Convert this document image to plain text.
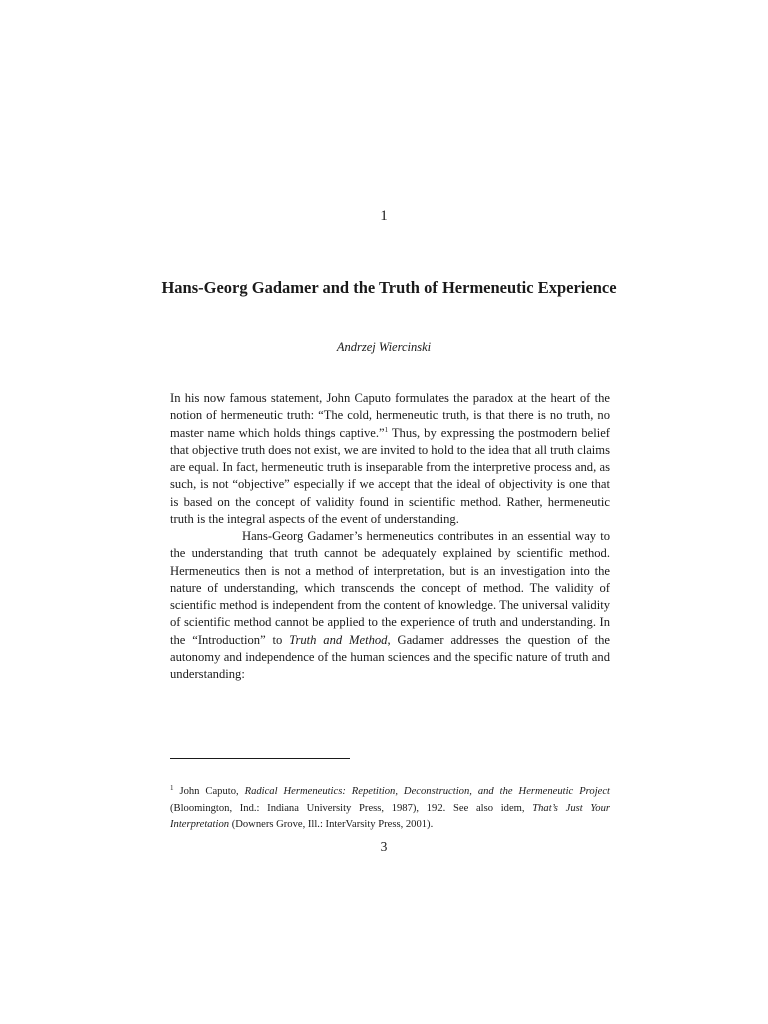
1
Hans-Georg Gadamer and the Truth of Hermeneutic Experience
Andrzej Wiercinski

In his now famous statement, John Caputo formulates the paradox at the heart of the notion of hermeneutic truth: “The cold, hermeneutic truth, is that there is no truth, no master name which holds things captive.”$^1$ Thus, by expressing the postmodern belief that objective truth does not exist, we are invited to hold to the idea that all truth claims are equal. In fact, hermeneutic truth is inseparable from the interpretive process and, as such, is not “objective” especially if we accept that the ideal of objectivity is one that is based on the concept of validity found in scientific method. Rather, hermeneutic truth is the integral aspects of the event of understanding.

Hans-Georg Gadamer’s hermeneutics contributes in an essential way to the understanding that truth cannot be adequately explained by scientific method. Hermeneutics then is not a method of interpretation, but is an investigation into the nature of understanding, which transcends the concept of method. The validity of scientific method is independent from the content of knowledge. The universal validity of scientific method cannot be applied to the experience of truth and understanding. In the “Introduction” to Truth and Method, Gadamer addresses the question of the autonomy and independence of the human sciences and the specific nature of truth and understanding:

$^1$ John Caputo, Radical Hermeneutics: Repetition, Deconstruction, and the Hermeneutic Project (Bloomington, Ind.: Indiana University Press, 1987), 192. See also idem, That’s Just Your Interpretation (Downers Grove, Ill.: InterVarsity Press, 2001).
3
